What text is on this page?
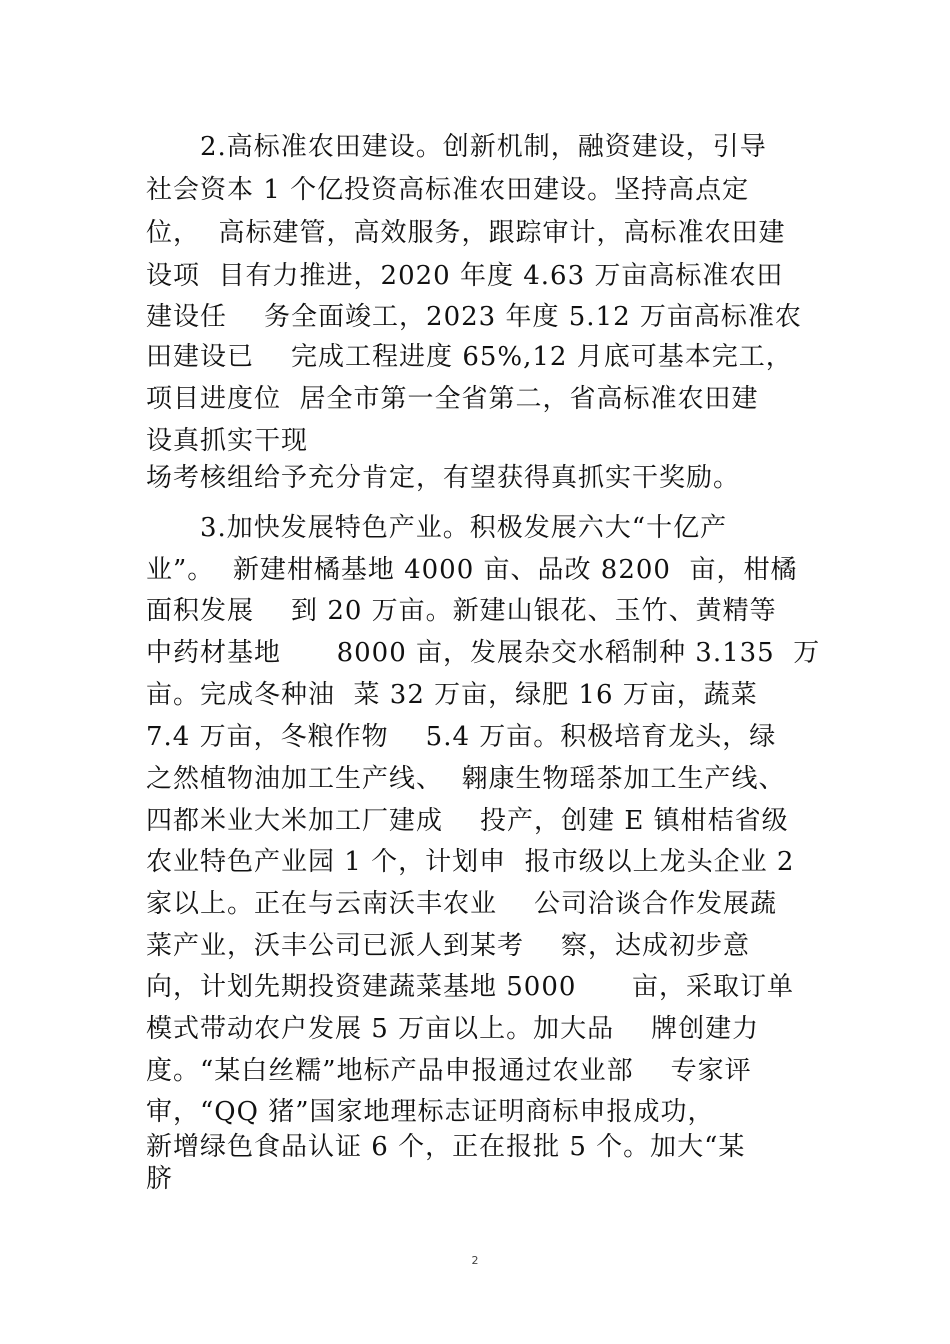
2.高标准农田建设。创新机制，融资建设，引导
社会资本 1 个亿投资高标准农田建设。坚持高点定
位，  高标建管，高效服务，跟踪审计，高标准农田建
设项  目有力推进，2020 年度 4.63 万亩高标准农田
建设任    务全面竣工，2023 年度 5.12 万亩高标准农
田建设已    完成工程进度 65%,12 月底可基本完工，
项目进度位  居全市第一全省第二，省高标准农田建
设真抓实干现
场考核组给予充分肯定，有望获得真抓实干奖励。
3.加快发展特色产业。积极发展六大“十亿产
业”。  新建柑橘基地 4000 亩、品改 8200  亩，柑橘
面积发展    到 20 万亩。新建山银花、玉竹、黄精等
中药材基地      8000 亩，发展杂交水稻制种 3.135  万
亩。完成冬种油  菜 32 万亩，绿肥 16 万亩，蔬菜
7.4 万亩，冬粮作物    5.4 万亩。积极培育龙头，绿
之然植物油加工生产线、  翱康生物瑶茶加工生产线、
四都米业大米加工厂建成    投产，创建 E 镇柑桔省级
农业特色产业园 1 个，计划申  报市级以上龙头企业 2
家以上。正在与云南沃丰农业    公司洽谈合作发展蔬
菜产业，沃丰公司已派人到某考    察，达成初步意
向，计划先期投资建蔬菜基地 5000      亩，采取订单
模式带动农户发展 5 万亩以上。加大品    牌创建力
度。“某白丝糯”地标产品申报通过农业部    专家评
审，“QQ 猪”国家地理标志证明商标申报成功，
新增绿色食品认证 6 个，正在报批 5 个。加大“某
脐
2
